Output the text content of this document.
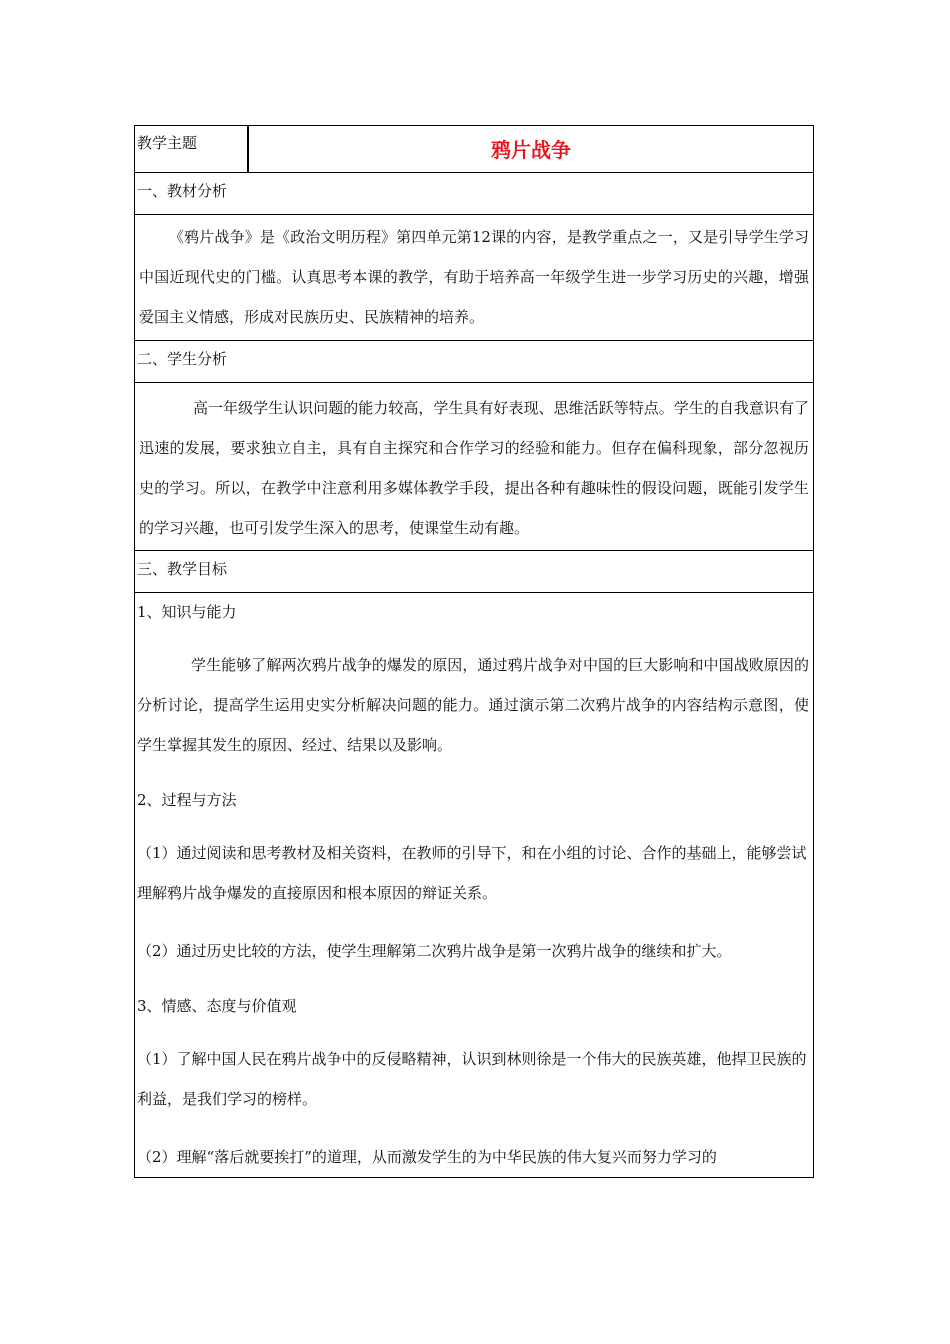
教学主题	鸦片战争
一、教材分析

《鸦片战争》是《政治文明历程》第四单元第12课的内容，是教学重点之一，又是引导学生学习中国近现代史的门槛。认真思考本课的教学，有助于培养高一年级学生进一步学习历史的兴趣，增强爱国主义情感，形成对民族历史、民族精神的培养。

二、学生分析

高一年级学生认识问题的能力较高，学生具有好表现、思维活跃等特点。学生的自我意识有了迅速的发展，要求独立自主，具有自主探究和合作学习的经验和能力。但存在偏科现象，部分忽视历史的学习。所以，在教学中注意利用多媒体教学手段，提出各种有趣味性的假设问题，既能引发学生的学习兴趣，也可引发学生深入的思考，使课堂生动有趣。

三、教学目标

1、知识与能力

学生能够了解两次鸦片战争的爆发的原因，通过鸦片战争对中国的巨大影响和中国战败原因的分析讨论，提高学生运用史实分析解决问题的能力。通过演示第二次鸦片战争的内容结构示意图，使学生掌握其发生的原因、经过、结果以及影响。

2、过程与方法

（1）通过阅读和思考教材及相关资料，在教师的引导下，和在小组的讨论、合作的基础上，能够尝试理解鸦片战争爆发的直接原因和根本原因的辩证关系。

（2）通过历史比较的方法，使学生理解第二次鸦片战争是第一次鸦片战争的继续和扩大。

3、情感、态度与价值观

（1）了解中国人民在鸦片战争中的反侵略精神，认识到林则徐是一个伟大的民族英雄，他捍卫民族的利益，是我们学习的榜样。

（2）理解“落后就要挨打”的道理，从而激发学生的为中华民族的伟大复兴而努力学习的
